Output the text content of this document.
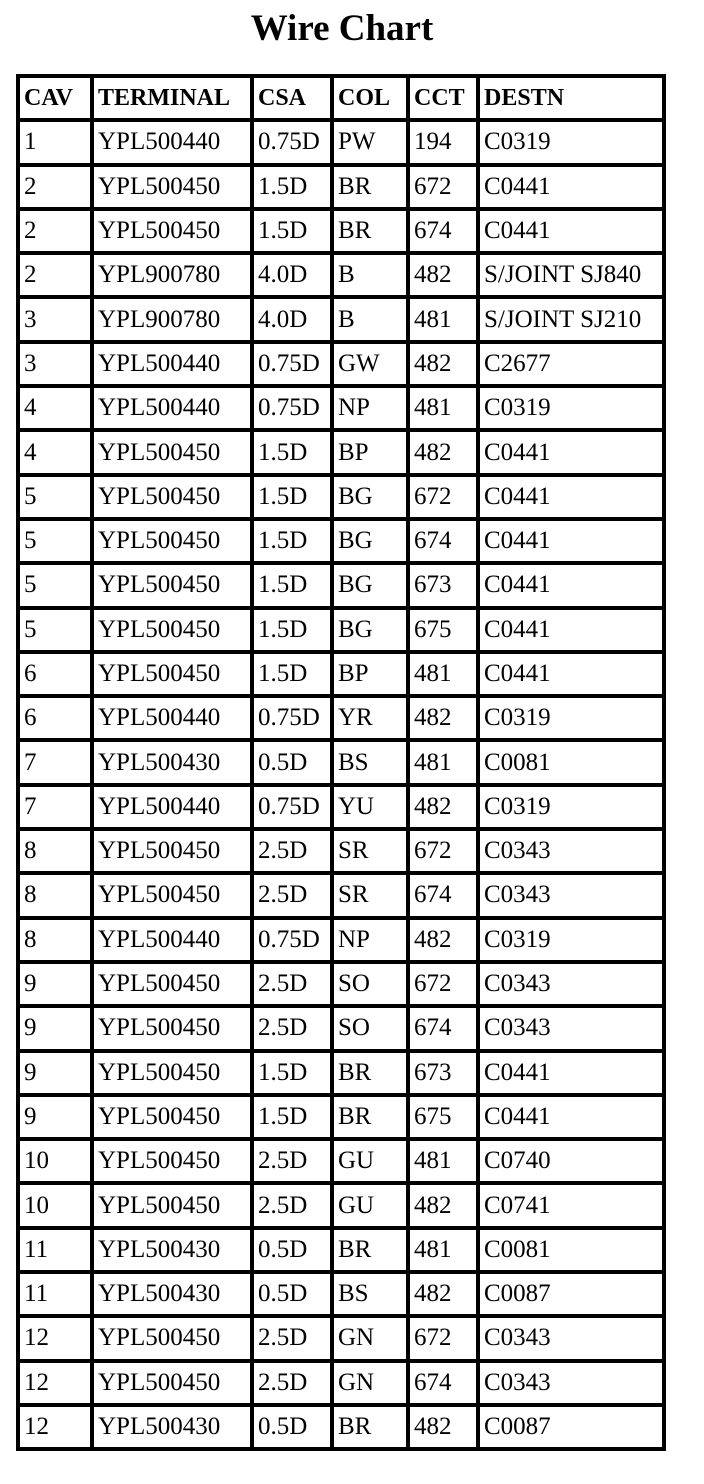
Wire Chart
CAV	TERMINAL	CSA	COL	CCT	DESTN
1	YPL500440	0.75D	PW	194	C0319
2	YPL500450	1.5D	BR	672	C0441
2	YPL500450	1.5D	BR	674	C0441
2	YPL900780	4.0D	B	482	S/JOINT SJ840
3	YPL900780	4.0D	B	481	S/JOINT SJ210
3	YPL500440	0.75D	GW	482	C2677
4	YPL500440	0.75D	NP	481	C0319
4	YPL500450	1.5D	BP	482	C0441
5	YPL500450	1.5D	BG	672	C0441
5	YPL500450	1.5D	BG	674	C0441
5	YPL500450	1.5D	BG	673	C0441
5	YPL500450	1.5D	BG	675	C0441
6	YPL500450	1.5D	BP	481	C0441
6	YPL500440	0.75D	YR	482	C0319
7	YPL500430	0.5D	BS	481	C0081
7	YPL500440	0.75D	YU	482	C0319
8	YPL500450	2.5D	SR	672	C0343
8	YPL500450	2.5D	SR	674	C0343
8	YPL500440	0.75D	NP	482	C0319
9	YPL500450	2.5D	SO	672	C0343
9	YPL500450	2.5D	SO	674	C0343
9	YPL500450	1.5D	BR	673	C0441
9	YPL500450	1.5D	BR	675	C0441
10	YPL500450	2.5D	GU	481	C0740
10	YPL500450	2.5D	GU	482	C0741
11	YPL500430	0.5D	BR	481	C0081
11	YPL500430	0.5D	BS	482	C0087
12	YPL500450	2.5D	GN	672	C0343
12	YPL500450	2.5D	GN	674	C0343
12	YPL500430	0.5D	BR	482	C0087
